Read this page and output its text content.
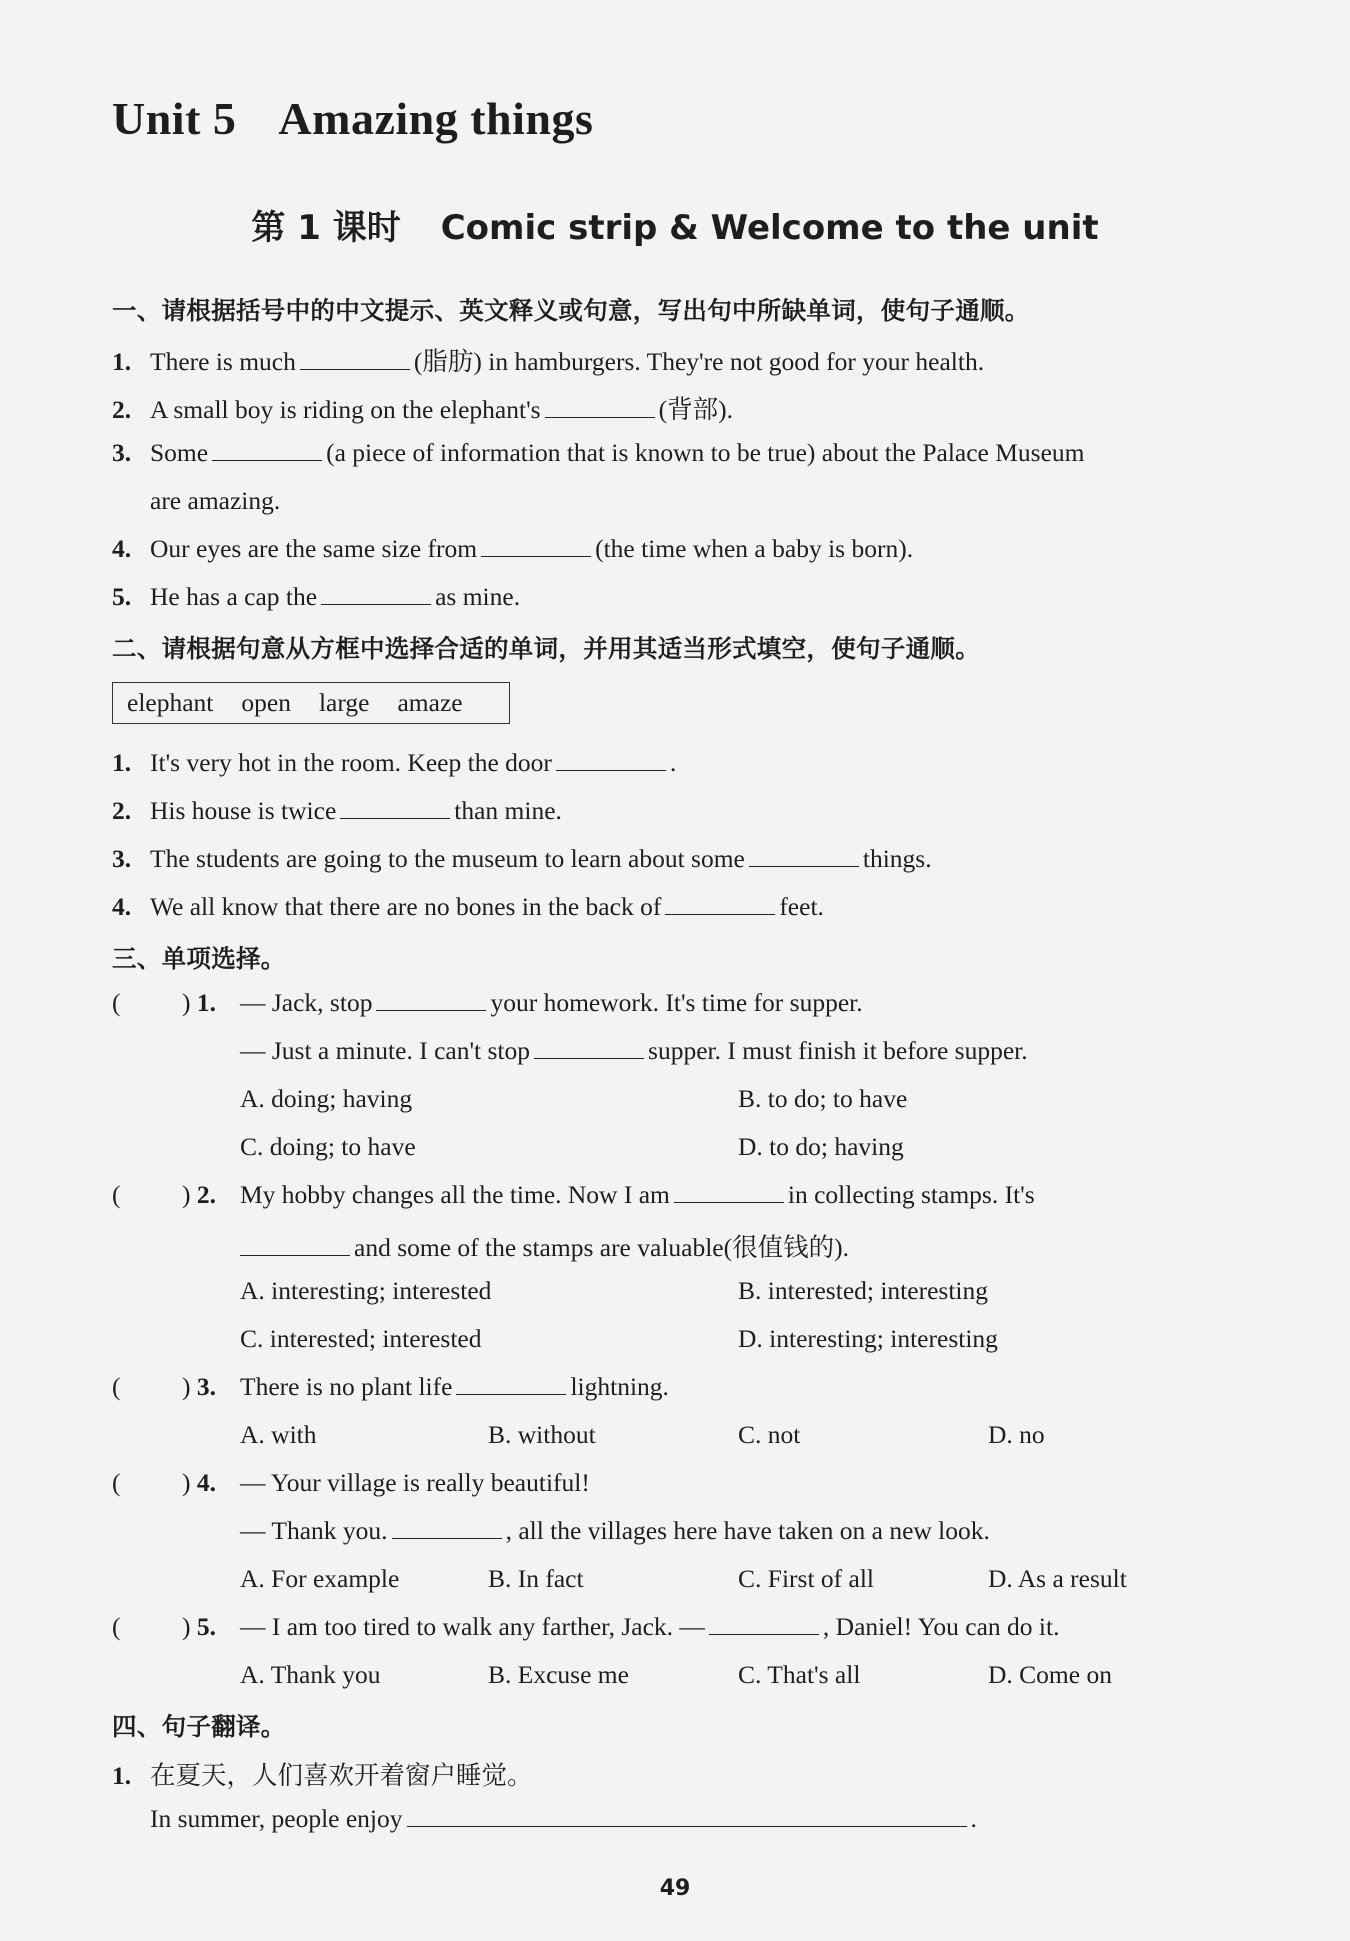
Unit 5 Amazing things
第 1 课时 Comic strip & Welcome to the unit

一、请根据括号中的中文提示、英文释义或句意，写出句中所缺单词，使句子通顺。

1. There is much	(脂肪) in hamburgers. They're not good for your health.

2. A small boy is riding on the elephant's	(背部).

3. Some	(a piece of information that is known to be true) about the Palace Museum

are amazing.

4. Our eyes are the same size from	(the time when a baby is born).

5. He has a cap the	as mine.

二、请根据句意从方框中选择合适的单词，并用其适当形式填空，使句子通顺。

elephant open large amaze

1. It's very hot in the room. Keep the door	.

2. His house is twice	than mine.

3. The students are going to the museum to learn about some	things.

4. We all know that there are no bones in the back of	feet.

三、单项选择。

( ) 1. — Jack, stop	your homework. It's time for supper.

— Just a minute. I can't stop	supper. I must finish it before supper.

A. doing; having	B. to do; to have

C. doing; to have	D. to do; having

( ) 2. My hobby changes all the time. Now I am	in collecting stamps. It's

and some of the stamps are valuable(很值钱的).

A. interesting; interested	B. interested; interesting

C. interested; interested	D. interesting; interesting

( ) 3. There is no plant life	lightning.

A. with	B. without	C. not	D. no

( ) 4. — Your village is really beautiful!

— Thank you.	, all the villages here have taken on a new look.

A. For example	B. In fact	C. First of all	D. As a result

( ) 5. — I am too tired to walk any farther, Jack. —	, Daniel! You can do it.

A. Thank you	B. Excuse me	C. That's all	D. Come on

四、句子翻译。

1. 在夏天，人们喜欢开着窗户睡觉。

In summer, people enjoy	.

49
